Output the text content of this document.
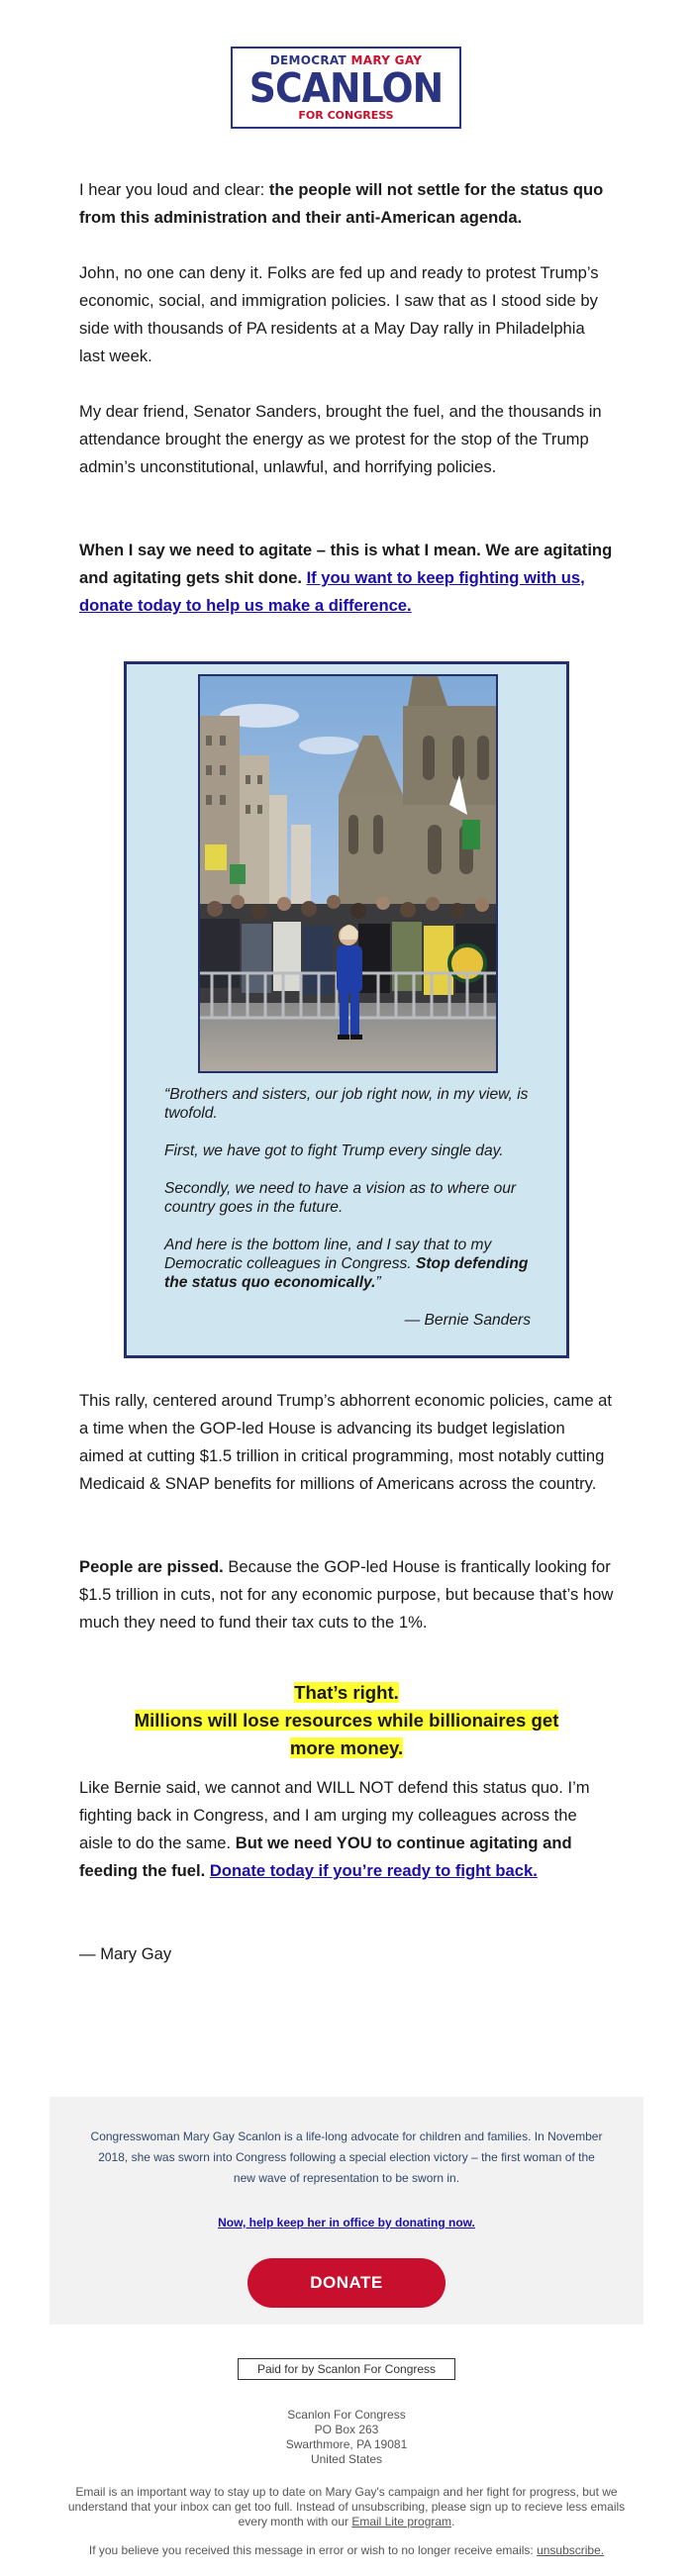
DEMOCRAT MARY GAY
SCANLON
FOR CONGRESS

I hear you loud and clear: the people will not settle for the status quo from this administration and their anti-American agenda.

John, no one can deny it. Folks are fed up and ready to protest Trump’s economic, social, and immigration policies. I saw that as I stood side by side with thousands of PA residents at a May Day rally in Philadelphia last week.

My dear friend, Senator Sanders, brought the fuel, and the thousands in attendance brought the energy as we protest for the stop of the Trump admin’s unconstitutional, unlawful, and horrifying policies.

When I say we need to agitate – this is what I mean. We are agitating and agitating gets shit done. If you want to keep fighting with us, donate today to help us make a difference.

“Brothers and sisters, our job right now, in my view, is twofold.

First, we have got to fight Trump every single day.

Secondly, we need to have a vision as to where our country goes in the future.

And here is the bottom line, and I say that to my Democratic colleagues in Congress. Stop defending the status quo economically.”

— Bernie Sanders

This rally, centered around Trump’s abhorrent economic policies, came at a time when the GOP-led House is advancing its budget legislation aimed at cutting $1.5 trillion in critical programming, most notably cutting Medicaid & SNAP benefits for millions of Americans across the country.

People are pissed. Because the GOP-led House is frantically looking for $1.5 trillion in cuts, not for any economic purpose, but because that’s how much they need to fund their tax cuts to the 1%.

That’s right.
Millions will lose resources while billionaires get
more money.

Like Bernie said, we cannot and WILL NOT defend this status quo. I’m fighting back in Congress, and I am urging my colleagues across the aisle to do the same. But we need YOU to continue agitating and feeding the fuel. Donate today if you’re ready to fight back.

— Mary Gay

Congresswoman Mary Gay Scanlon is a life-long advocate for children and families. In November 2018, she was sworn into Congress following a special election victory – the first woman of the new wave of representation to be sworn in.
Now, help keep her in office by donating now.
DONATE
Paid for by Scanlon For Congress
Scanlon For Congress
PO Box 263
Swarthmore, PA 19081
United States
Email is an important way to stay up to date on Mary Gay's campaign and her fight for progress, but we understand that your inbox can get too full. Instead of unsubscribing, please sign up to recieve less emails every month with our Email Lite program.
If you believe you received this message in error or wish to no longer receive emails: unsubscribe.
